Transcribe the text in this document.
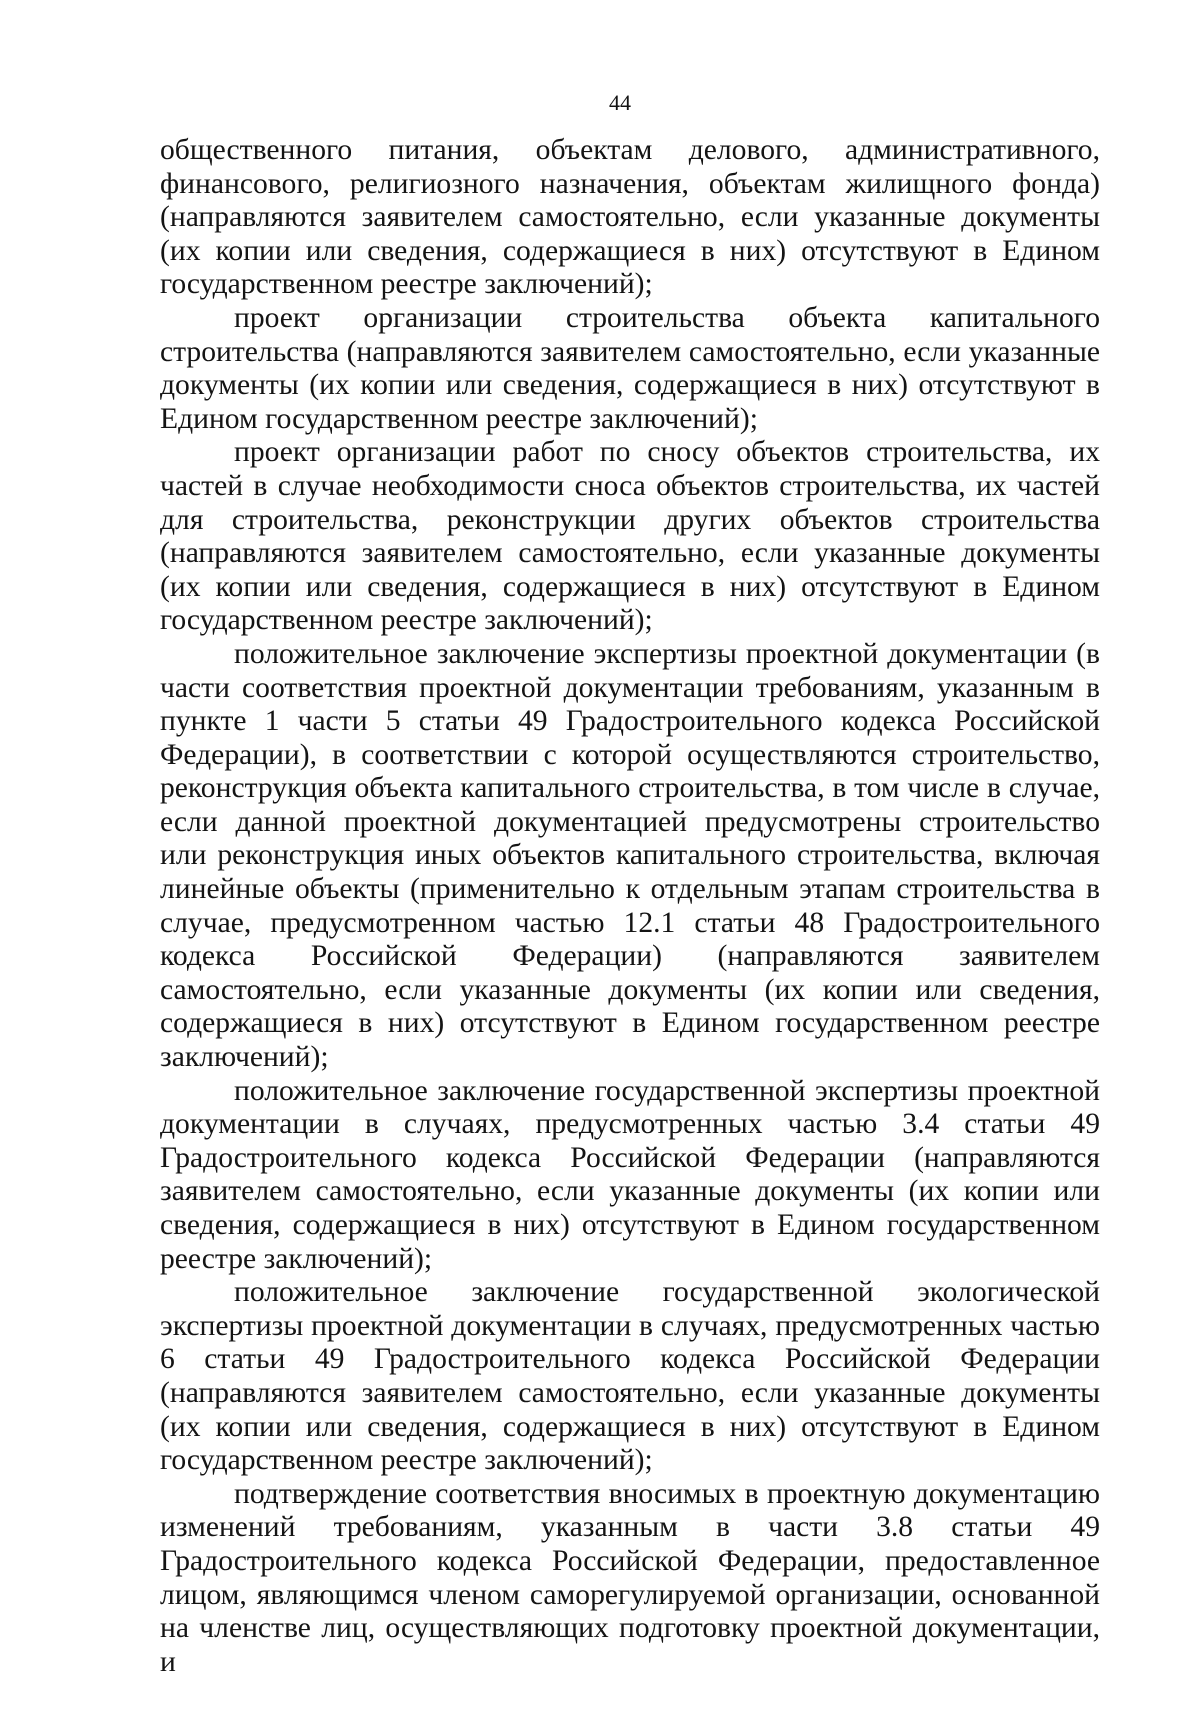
44

общественного питания, объектам делового, административного, финансового, религиозного назначения, объектам жилищного фонда) (направляются заявителем самостоятельно, если указанные документы (их копии или сведения, содержащиеся в них) отсутствуют в Едином государственном реестре заключений);

проект организации строительства объекта капитального строительства (направляются заявителем самостоятельно, если указанные документы (их копии или сведения, содержащиеся в них) отсутствуют в Едином государственном реестре заключений);

проект организации работ по сносу объектов строительства, их частей в случае необходимости сноса объектов строительства, их частей для строительства, реконструкции других объектов строительства (направляются заявителем самостоятельно, если указанные документы (их копии или сведения, содержащиеся в них) отсутствуют в Едином государственном реестре заключений);

положительное заключение экспертизы проектной документации (в части соответствия проектной документации требованиям, указанным в пункте 1 части 5 статьи 49 Градостроительного кодекса Российской Федерации), в соответствии с которой осуществляются строительство, реконструкция объекта капитального строительства, в том числе в случае, если данной проектной документацией предусмотрены строительство или реконструкция иных объектов капитального строительства, включая линейные объекты (применительно к отдельным этапам строительства в случае, предусмотренном частью 12.1 статьи 48 Градостроительного кодекса Российской Федерации) (направляются заявителем самостоятельно, если указанные документы (их копии или сведения, содержащиеся в них) отсутствуют в Едином государственном реестре заключений);

положительное заключение государственной экспертизы проектной документации в случаях, предусмотренных частью 3.4 статьи 49 Градостроительного кодекса Российской Федерации (направляются заявителем самостоятельно, если указанные документы (их копии или сведения, содержащиеся в них) отсутствуют в Едином государственном реестре заключений);

положительное заключение государственной экологической экспертизы проектной документации в случаях, предусмотренных частью 6 статьи 49 Градостроительного кодекса Российской Федерации (направляются заявителем самостоятельно, если указанные документы (их копии или сведения, содержащиеся в них) отсутствуют в Едином государственном реестре заключений);

подтверждение соответствия вносимых в проектную документацию изменений требованиям, указанным в части 3.8 статьи 49 Градостроительного кодекса Российской Федерации, предоставленное лицом, являющимся членом саморегулируемой организации, основанной на членстве лиц, осуществляющих подготовку проектной документации, и
